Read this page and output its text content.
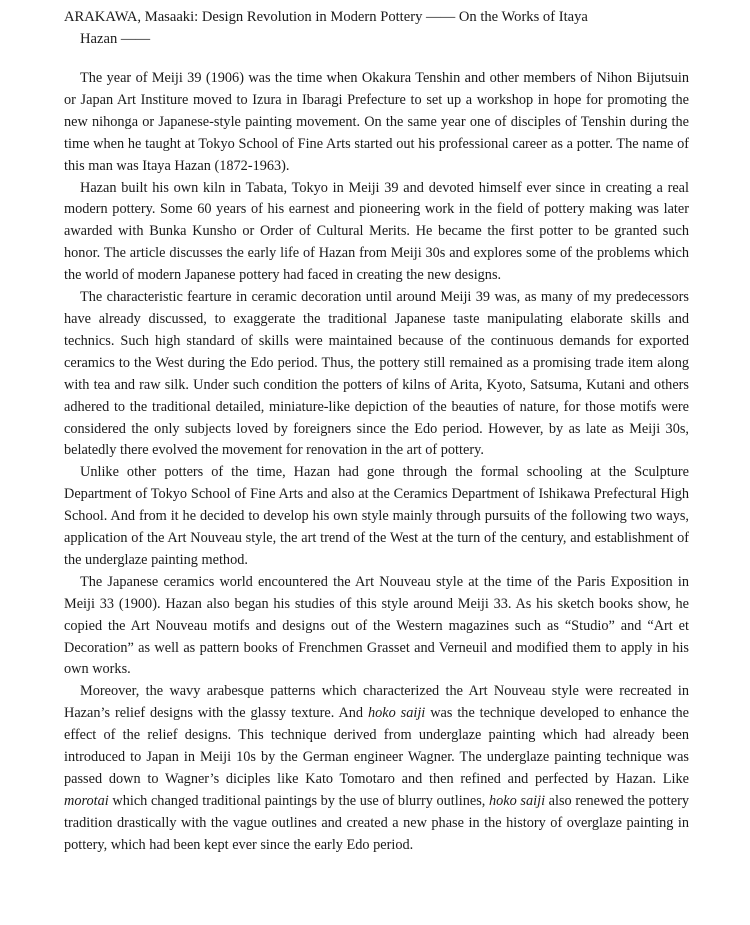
ARAKAWA, Masaaki: Design Revolution in Modern Pottery —— On the Works of Itaya
Hazan ——

The year of Meiji 39 (1906) was the time when Okakura Tenshin and other members of Nihon Bijutsuin or Japan Art Institure moved to Izura in Ibaragi Prefecture to set up a workshop in hope for promoting the new nihonga or Japanese-style painting movement. On the same year one of disciples of Tenshin during the time when he taught at Tokyo School of Fine Arts started out his professional career as a potter. The name of this man was Itaya Hazan (1872-1963).

Hazan built his own kiln in Tabata, Tokyo in Meiji 39 and devoted himself ever since in creating a real modern pottery. Some 60 years of his earnest and pioneering work in the field of pottery making was later awarded with Bunka Kunsho or Order of Cultural Merits. He became the first potter to be granted such honor. The article discusses the early life of Hazan from Meiji 30s and explores some of the problems which the world of modern Japanese pottery had faced in creating the new designs.

The characteristic fearture in ceramic decoration until around Meiji 39 was, as many of my predecessors have already discussed, to exaggerate the traditional Japanese taste manipulating elaborate skills and technics. Such high standard of skills were maintained because of the continuous demands for exported ceramics to the West during the Edo period. Thus, the pottery still remained as a promising trade item along with tea and raw silk. Under such condition the potters of kilns of Arita, Kyoto, Satsuma, Kutani and others adhered to the traditional detailed, miniature-like depiction of the beauties of nature, for those motifs were considered the only subjects loved by foreigners since the Edo period. However, by as late as Meiji 30s, belatedly there evolved the movement for renovation in the art of pottery.

Unlike other potters of the time, Hazan had gone through the formal schooling at the Sculpture Department of Tokyo School of Fine Arts and also at the Ceramics Department of Ishikawa Prefectural High School. And from it he decided to develop his own style mainly through pursuits of the following two ways, application of the Art Nouveau style, the art trend of the West at the turn of the century, and establishment of the underglaze painting method.

The Japanese ceramics world encountered the Art Nouveau style at the time of the Paris Exposition in Meiji 33 (1900). Hazan also began his studies of this style around Meiji 33. As his sketch books show, he copied the Art Nouveau motifs and designs out of the Western magazines such as “Studio” and “Art et Decoration” as well as pattern books of Frenchmen Grasset and Verneuil and modified them to apply in his own works.

Moreover, the wavy arabesque patterns which characterized the Art Nouveau style were recreated in Hazan’s relief designs with the glassy texture. And hoko saiji was the technique developed to enhance the effect of the relief designs. This technique derived from underglaze painting which had already been introduced to Japan in Meiji 10s by the German engineer Wagner. The underglaze painting technique was passed down to Wagner’s diciples like Kato Tomotaro and then refined and perfected by Hazan. Like morotai which changed traditional paintings by the use of blurry outlines, hoko saiji also renewed the pottery tradition drastically with the vague outlines and created a new phase in the history of overglaze painting in pottery, which had been kept ever since the early Edo period.
